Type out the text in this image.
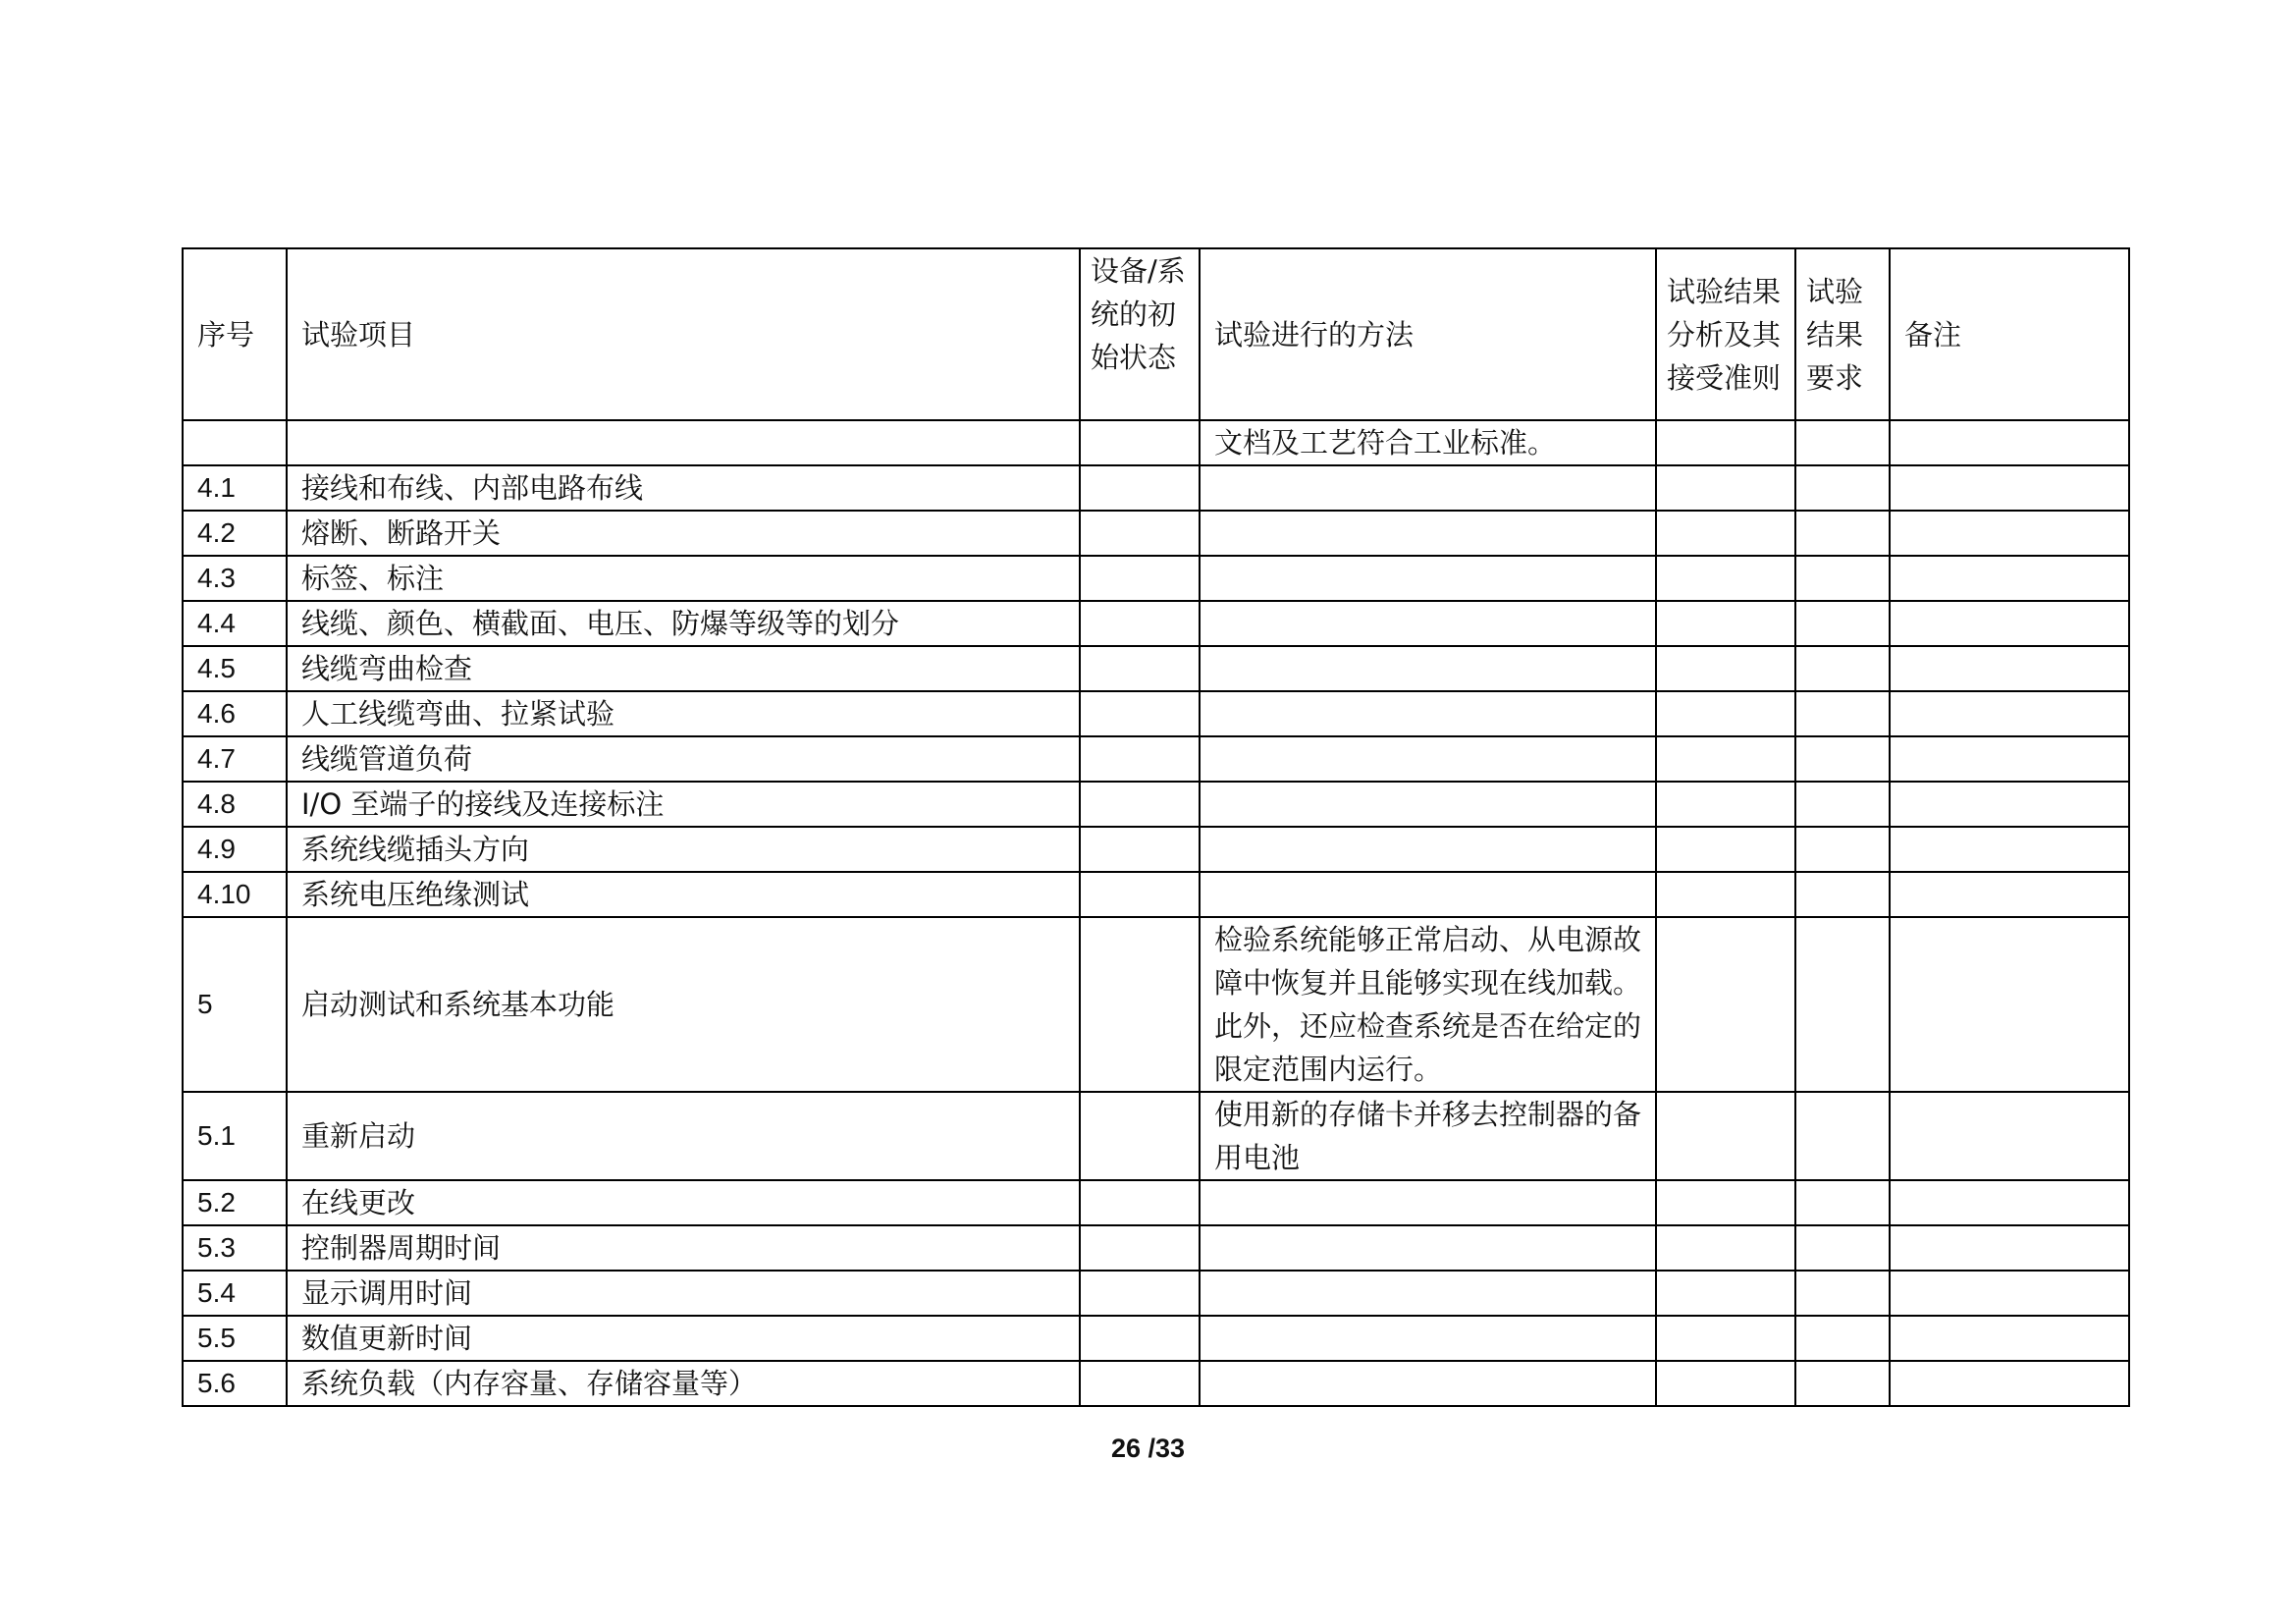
序号	试验项目	设备/系统的初始状态	试验进行的方法	试验结果分析及其接受准则	试验结果要求	备注
			文档及工艺符合工业标准。			
4.1	接线和布线、内部电路布线					
4.2	熔断、断路开关					
4.3	标签、标注					
4.4	线缆、颜色、横截面、电压、防爆等级等的划分					
4.5	线缆弯曲检查					
4.6	人工线缆弯曲、拉紧试验					
4.7	线缆管道负荷					
4.8	I/O 至端子的接线及连接标注					
4.9	系统线缆插头方向					
4.10	系统电压绝缘测试					
5	启动测试和系统基本功能		检验系统能够正常启动、从电源故障中恢复并且能够实现在线加载。此外，还应检查系统是否在给定的限定范围内运行。			
5.1	重新启动		使用新的存储卡并移去控制器的备用电池			
5.2	在线更改					
5.3	控制器周期时间					
5.4	显示调用时间					
5.5	数值更新时间					
5.6	系统负载（内存容量、存储容量等）					
26 /33
